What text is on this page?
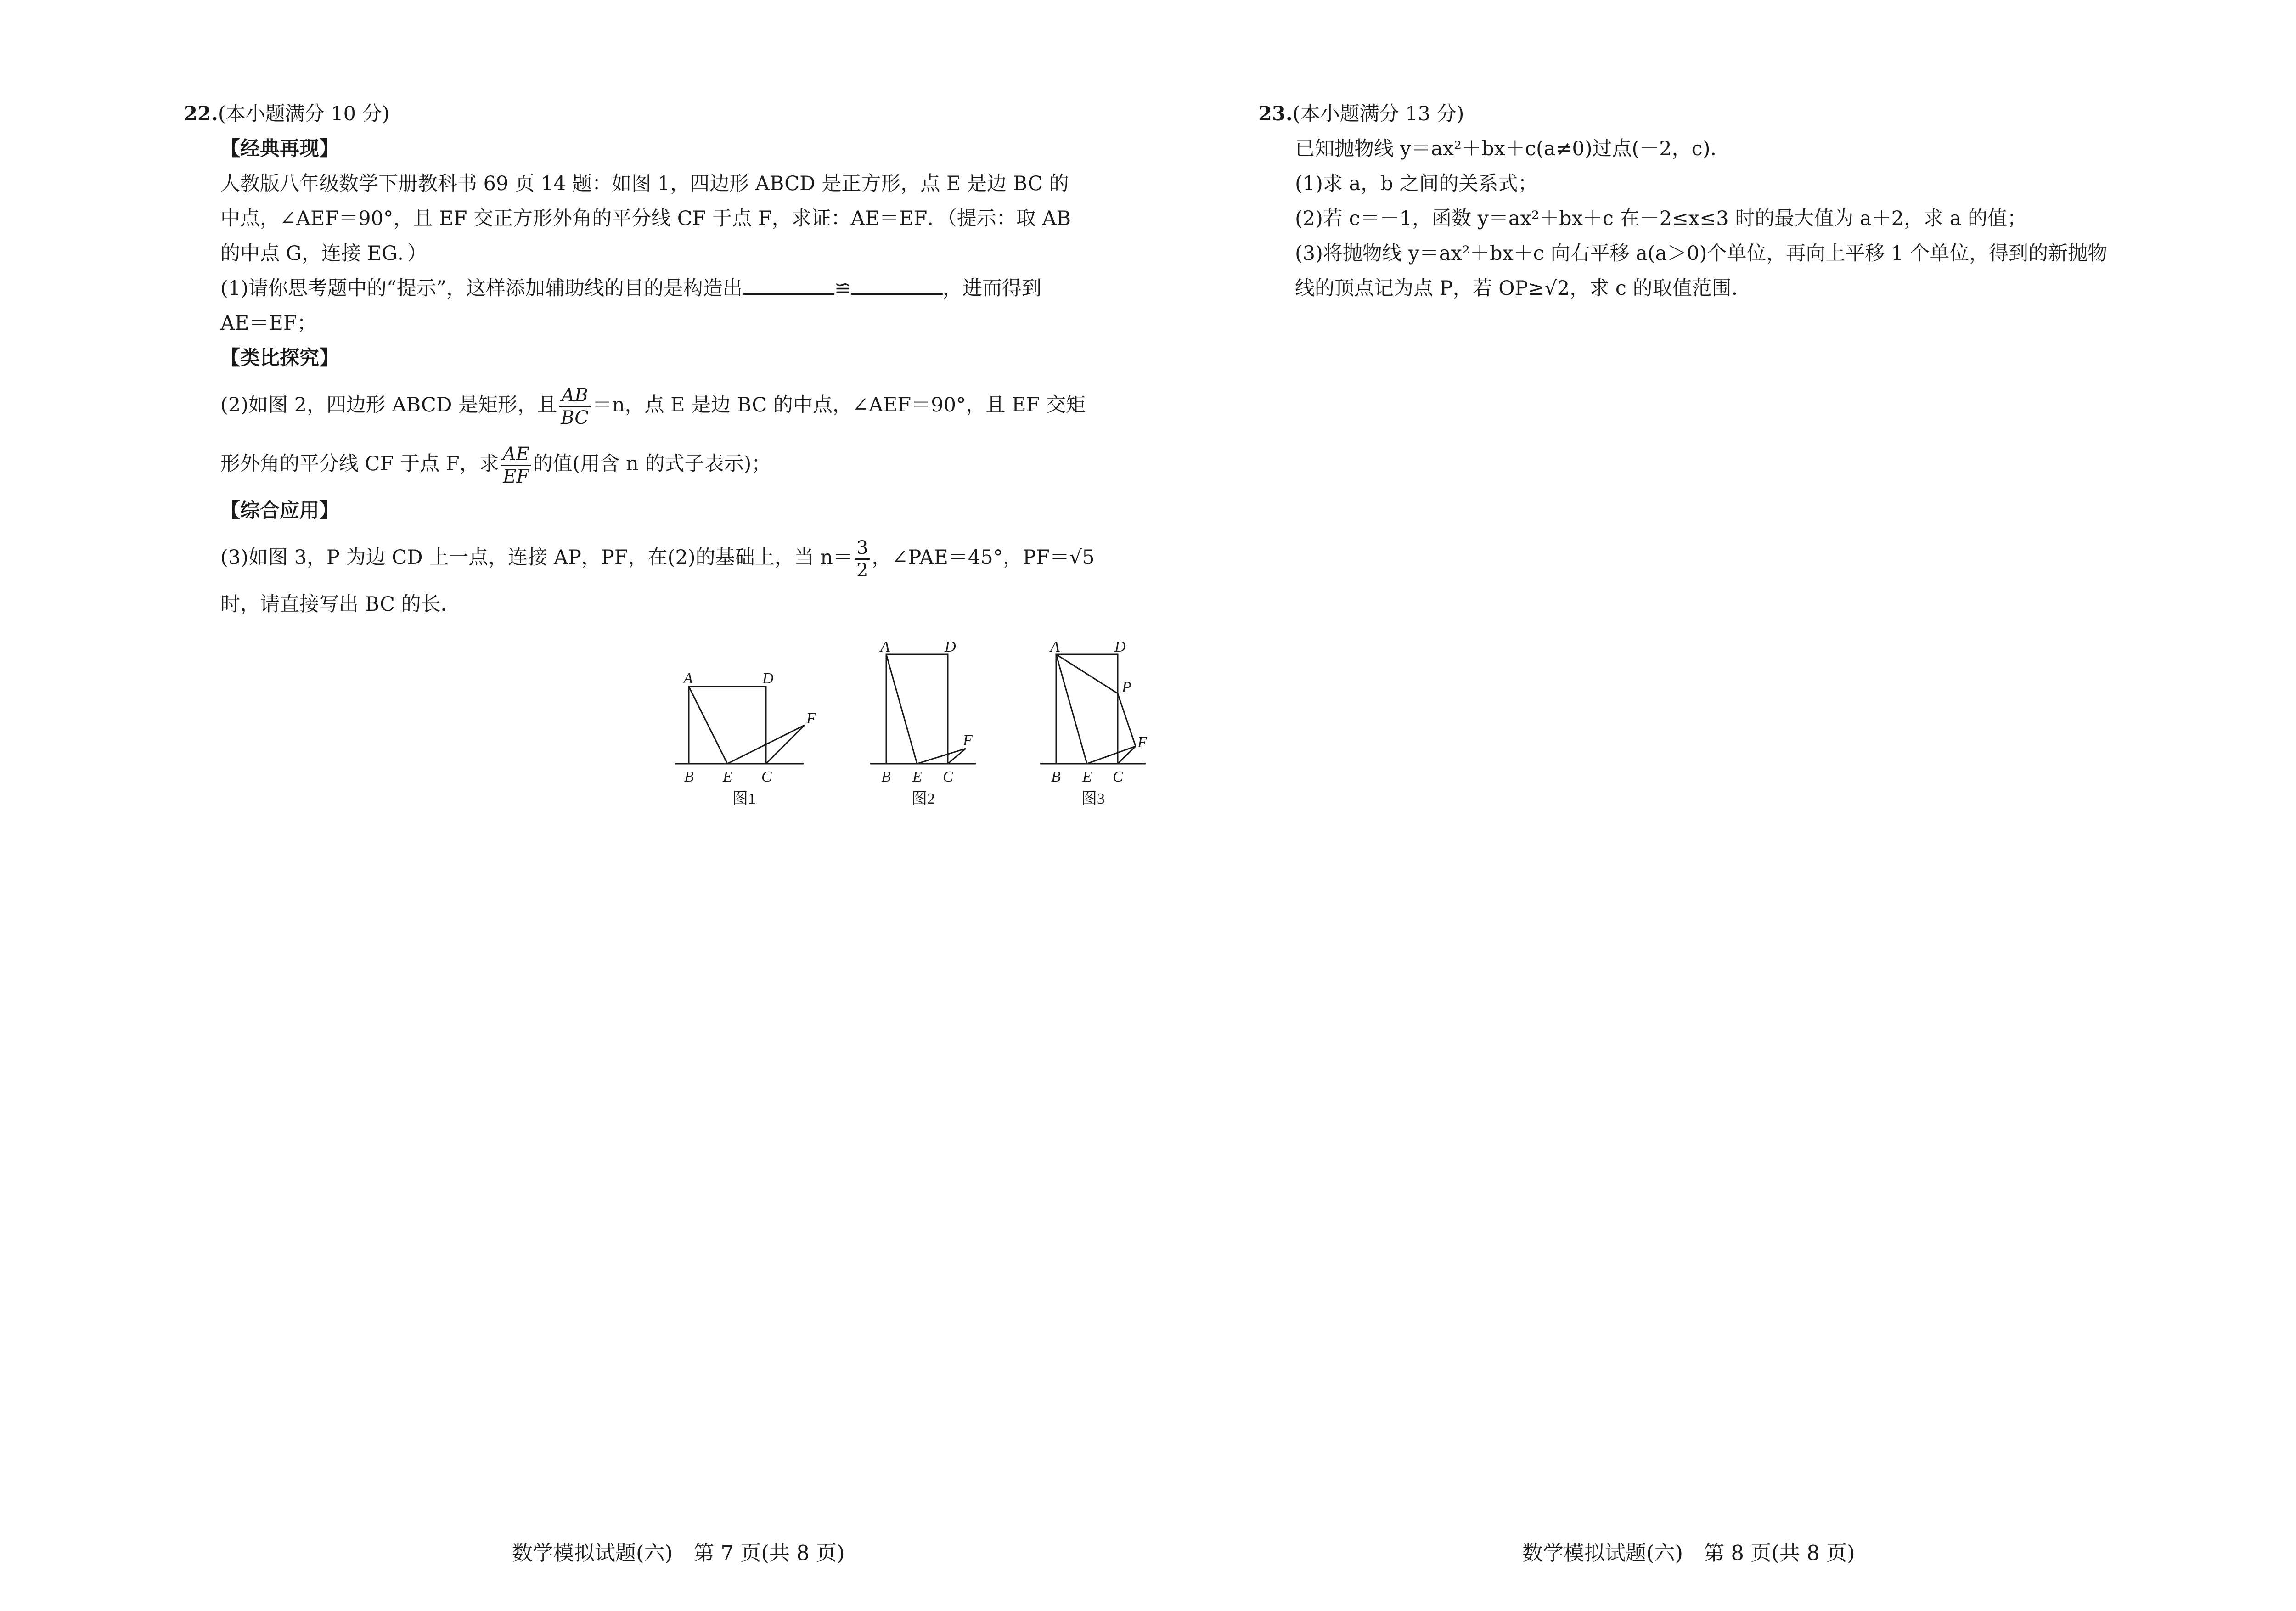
22.(本小题满分 10 分)
【经典再现】
人教版八年级数学下册教科书 69 页 14 题：如图 1，四边形 ABCD 是正方形，点 E 是边 BC 的
中点，∠AEF＝90°，且 EF 交正方形外角的平分线 CF 于点 F，求证：AE＝EF．（提示：取 AB
的中点 G，连接 EG．）
(1)请你思考题中的“提示”，这样添加辅助线的目的是构造出	≌	，进而得到
AE＝EF；
【类比探究】
(2)如图 2，四边形 ABCD 是矩形，且 $\frac{AB}{BC} =n$，点 E 是边 BC 的中点，∠AEF＝90°，且 EF 交矩
形外角的平分线 CF 于点 F，求 $\frac{AE}{EF}$ 的值(用含 n 的式子表示)；
【综合应用】
(3)如图 3，P 为边 CD 上一点，连接 AP，PF，在(2)的基础上，当 $n= \frac{3}{2}$ ，∠PAE＝45°，PF＝√5
时，请直接写出 BC 的长．
A	D
F
B E C
图1
A	D
F
B E C
图2
A	D
P
F
B E C
图3
数学模拟试题(六)　第 7 页(共 8 页)
23.(本小题满分 13 分)
已知抛物线 y＝ax²＋bx＋c(a≠0)过点(－2，c)．
(1)求 a，b 之间的关系式；
(2)若 c＝－1，函数 y＝ax²＋bx＋c 在－2≤x≤3 时的最大值为 a＋2，求 a 的值；
(3)将抛物线 y＝ax²＋bx＋c 向右平移 a(a＞0)个单位，再向上平移 1 个单位，得到的新抛物
线的顶点记为点 P，若 OP≥√2，求 c 的取值范围．
数学模拟试题(六)　第 8 页(共 8 页)
